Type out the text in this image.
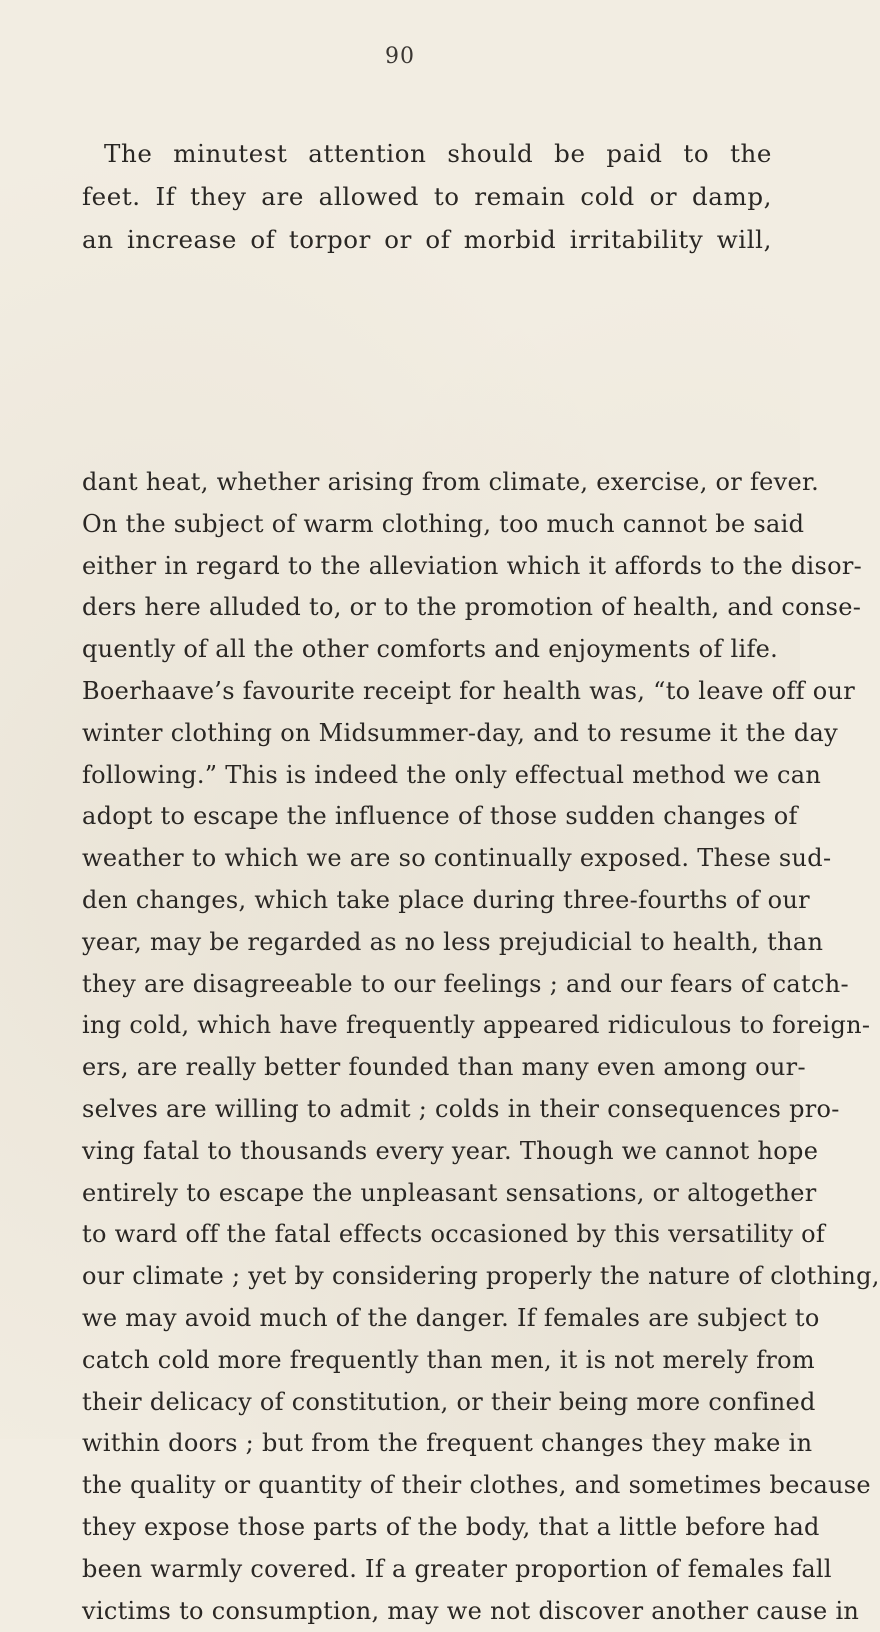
90
The minutest attention should be paid to the
feet. If they are allowed to remain cold or damp,
an increase of torpor or of morbid irritability will,
dant heat, whether arising from climate, exercise, or fever.
On the subject of warm clothing, too much cannot be said
either in regard to the alleviation which it affords to the disor-
ders here alluded to, or to the promotion of health, and conse-
quently of all the other comforts and enjoyments of life.
Boerhaave’s favourite receipt for health was, “to leave off our
winter clothing on Midsummer-day, and to resume it the day
following.” This is indeed the only effectual method we can
adopt to escape the influence of those sudden changes of
weather to which we are so continually exposed. These sud-
den changes, which take place during three-fourths of our
year, may be regarded as no less prejudicial to health, than
they are disagreeable to our feelings ; and our fears of catch-
ing cold, which have frequently appeared ridiculous to foreign-
ers, are really better founded than many even among our-
selves are willing to admit ; colds in their consequences pro-
ving fatal to thousands every year. Though we cannot hope
entirely to escape the unpleasant sensations, or altogether
to ward off the fatal effects occasioned by this versatility of
our climate ; yet by considering properly the nature of clothing,
we may avoid much of the danger. If females are subject to
catch cold more frequently than men, it is not merely from
their delicacy of constitution, or their being more confined
within doors ; but from the frequent changes they make in
the quality or quantity of their clothes, and sometimes because
they expose those parts of the body, that a little before had
been warmly covered. If a greater proportion of females fall
victims to consumption, may we not discover another cause in
